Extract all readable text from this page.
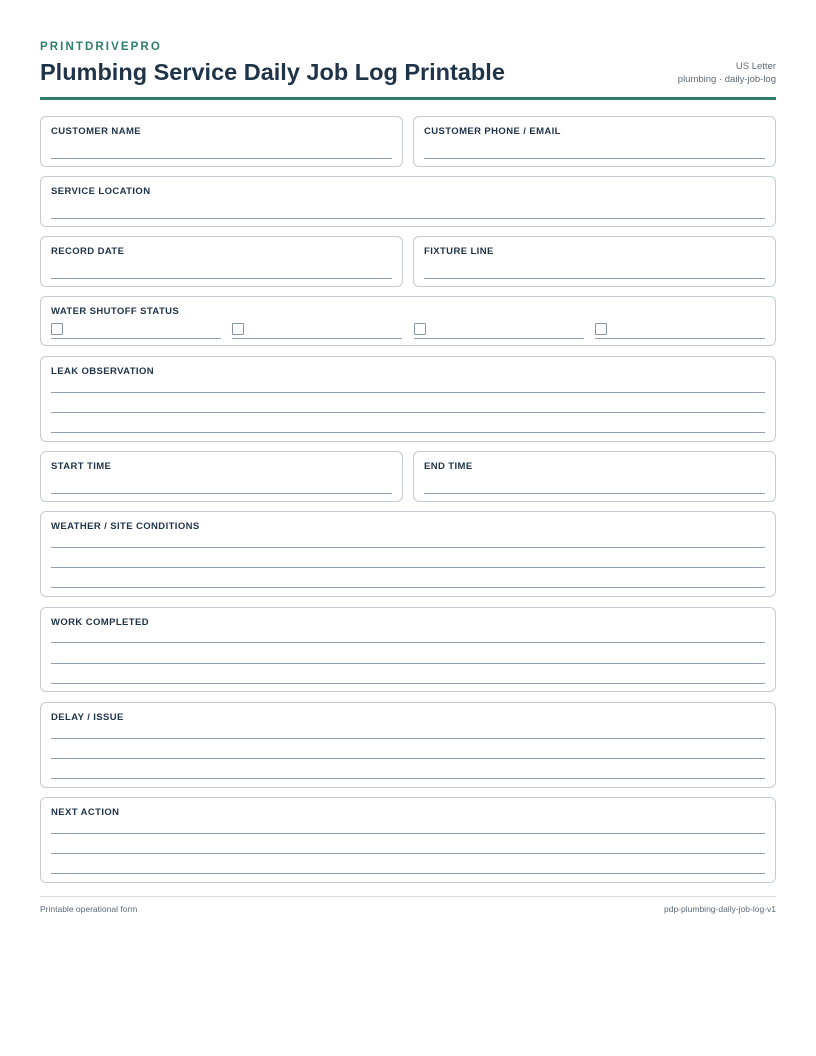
PRINTDRIVEPRO
Plumbing Service Daily Job Log Printable	US Letter
plumbing · daily-job-log
CUSTOMER NAME	CUSTOMER PHONE / EMAIL
SERVICE LOCATION
RECORD DATE	FIXTURE LINE
WATER SHUTOFF STATUS
LEAK OBSERVATION
START TIME	END TIME
WEATHER / SITE CONDITIONS
WORK COMPLETED
DELAY / ISSUE
NEXT ACTION
Printable operational form	pdp-plumbing-daily-job-log-v1
